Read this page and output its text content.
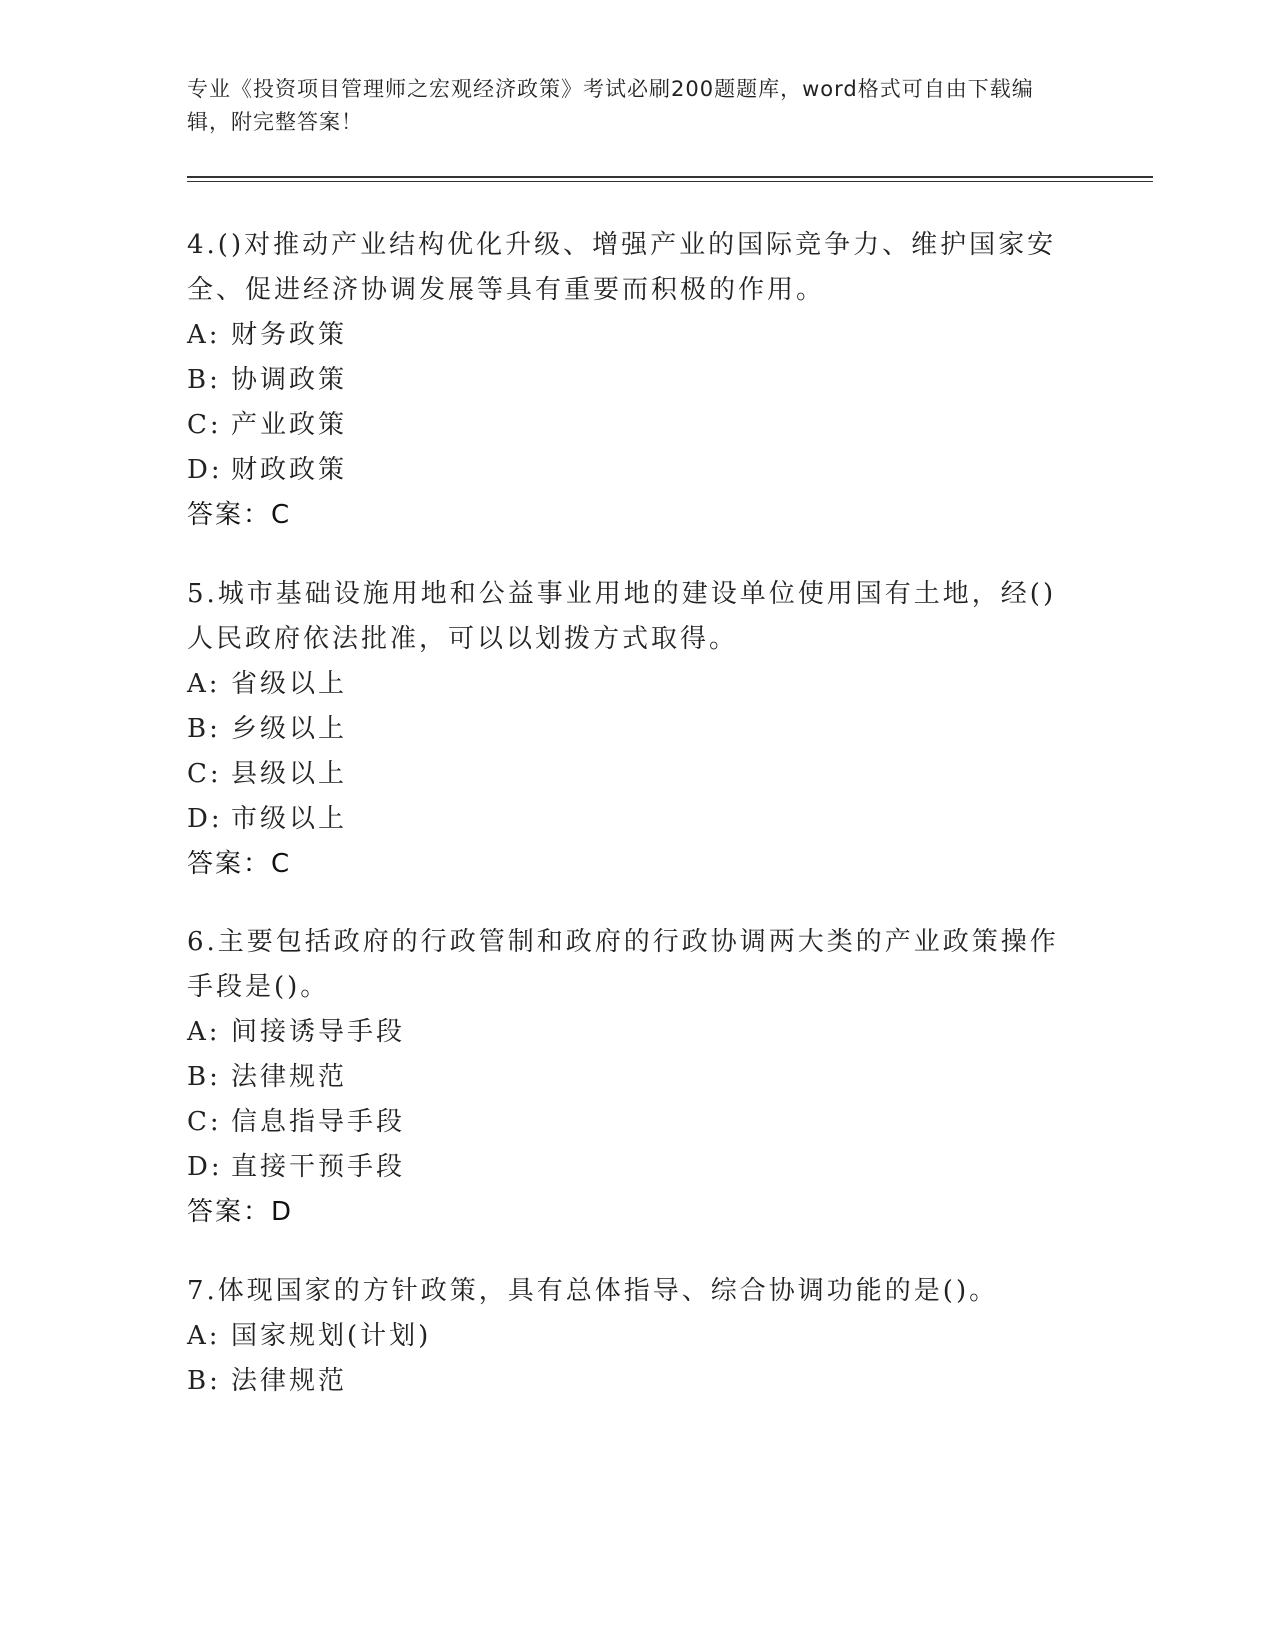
专业《投资项目管理师之宏观经济政策》考试必刷200题题库，word格式可自由下载编辑，附完整答案！
4.()对推动产业结构优化升级、增强产业的国际竞争力、维护国家安全、促进经济协调发展等具有重要而积极的作用。
A: 财务政策
B: 协调政策
C: 产业政策
D: 财政政策
答案：C
5.城市基础设施用地和公益事业用地的建设单位使用国有土地，经()人民政府依法批准，可以以划拨方式取得。
A: 省级以上
B: 乡级以上
C: 县级以上
D: 市级以上
答案：C
6.主要包括政府的行政管制和政府的行政协调两大类的产业政策操作手段是()。
A: 间接诱导手段
B: 法律规范
C: 信息指导手段
D: 直接干预手段
答案：D
7.体现国家的方针政策，具有总体指导、综合协调功能的是()。
A: 国家规划(计划)
B: 法律规范
